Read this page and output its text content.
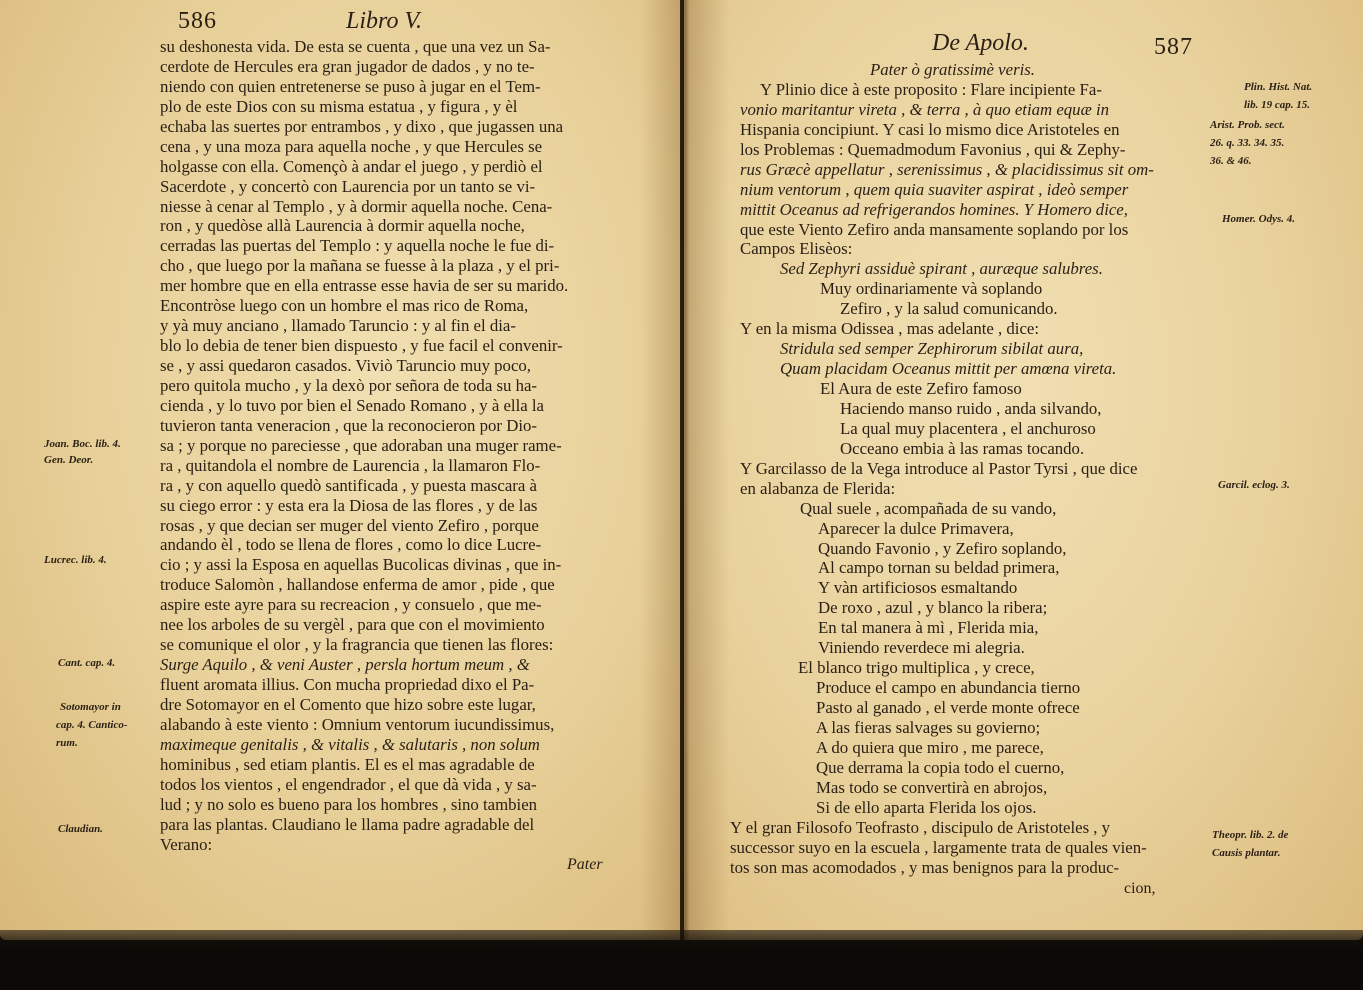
586	Libro V.
Joan. Boc. lib. 4.
Gen. Deor.
Lucrec. lib. 4.
Cant. cap. 4.
Sotomayor in
cap. 4. Cantico-
rum.
Claudian.
su deshonesta vida. De esta se cuenta , que una vez un Sa-
cerdote de Hercules era gran jugador de dados , y no te-
niendo con quien entretenerse se puso à jugar en el Tem-
plo de este Dios con su misma estatua , y figura , y èl
echaba las suertes por entrambos , y dixo , que jugassen una
cena , y una moza para aquella noche , y que Hercules se
holgasse con ella. Començò à andar el juego , y perdiò el
Sacerdote , y concertò con Laurencia por un tanto se vi-
niesse à cenar al Templo , y à dormir aquella noche. Cena-
ron , y quedòse allà Laurencia à dormir aquella noche,
cerradas las puertas del Templo : y aquella noche le fue di-
cho , que luego por la mañana se fuesse à la plaza , y el pri-
mer hombre que en ella entrasse esse havia de ser su marido.
Encontròse luego con un hombre el mas rico de Roma,
y yà muy anciano , llamado Taruncio : y al fin el dia-
blo lo debia de tener bien dispuesto , y fue facil el convenir-
se , y assi quedaron casados. Viviò Taruncio muy poco,
pero quitola mucho , y la dexò por señora de toda su ha-
cienda , y lo tuvo por bien el Senado Romano , y à ella la
tuvieron tanta veneracion , que la reconocieron por Dio-
sa ; y porque no pareciesse , que adoraban una muger rame-
ra , quitandola el nombre de Laurencia , la llamaron Flo-
ra , y con aquello quedò santificada , y puesta mascara à
su ciego error : y esta era la Diosa de las flores , y de las
rosas , y que decian ser muger del viento Zefiro , porque
andando èl , todo se llena de flores , como lo dice Lucre-
cio ; y assi la Esposa en aquellas Bucolicas divinas , que in-
troduce Salomòn , hallandose enferma de amor , pide , que
aspire este ayre para su recreacion , y consuelo , que me-
nee los arboles de su vergèl , para que con el movimiento
se comunique el olor , y la fragrancia que tienen las flores:
Surge Aquilo , & veni Auster , persla hortum meum , &
fluent aromata illius. Con mucha propriedad dixo el Pa-
dre Sotomayor en el Comento que hizo sobre este lugar,
alabando à este viento : Omnium ventorum iucundissimus,
maximeque genitalis , & vitalis , & salutaris , non solum
hominibus , sed etiam plantis. El es el mas agradable de
todos los vientos , el engendrador , el que dà vida , y sa-
lud ; y no solo es bueno para los hombres , sino tambien
para las plantas. Claudiano le llama padre agradable del
Verano:
Pater
De Apolo.	587
Plin. Hist. Nat.
lib. 19 cap. 15.
Arist. Prob. sect.
26. q. 33. 34. 35.
36. & 46.
Homer. Odys. 4.
Garcil. eclog. 3.
Theopr. lib. 2. de
Causis plantar.
Pater ò gratissimè veris.
Y Plinio dice à este proposito : Flare incipiente Fa-
vonio maritantur vireta , & terra , à quo etiam equæ in
Hispania concipiunt. Y casi lo mismo dice Aristoteles en
los Problemas : Quemadmodum Favonius , qui & Zephy-
rus Græcè appellatur , serenissimus , & placidissimus sit om-
nium ventorum , quem quia suaviter aspirat , ideò semper
mittit Oceanus ad refrigerandos homines. Y Homero dice,
que este Viento Zefiro anda mansamente soplando por los
Campos Elisèos:
Sed Zephyri assiduè spirant , auræque salubres.
Muy ordinariamente và soplando
Zefiro , y la salud comunicando.
Y en la misma Odissea , mas adelante , dice:
Stridula sed semper Zephirorum sibilat aura,
Quam placidam Oceanus mittit per amœna vireta.
El Aura de este Zefiro famoso
Haciendo manso ruido , anda silvando,
La qual muy placentera , el anchuroso
Occeano embia à las ramas tocando.
Y Garcilasso de la Vega introduce al Pastor Tyrsi , que dice
en alabanza de Flerida:
Qual suele , acompañada de su vando,
Aparecer la dulce Primavera,
Quando Favonio , y Zefiro soplando,
Al campo tornan su beldad primera,
Y vàn artificiosos esmaltando
De roxo , azul , y blanco la ribera;
En tal manera à mì , Flerida mia,
Viniendo reverdece mi alegria.
El blanco trigo multiplica , y crece,
Produce el campo en abundancia tierno
Pasto al ganado , el verde monte ofrece
A las fieras salvages su govierno;
A do quiera que miro , me parece,
Que derrama la copia todo el cuerno,
Mas todo se convertirà en abrojos,
Si de ello aparta Flerida los ojos.
Y el gran Filosofo Teofrasto , discipulo de Aristoteles , y
successor suyo en la escuela , largamente trata de quales vien-
tos son mas acomodados , y mas benignos para la produc-
cion,
